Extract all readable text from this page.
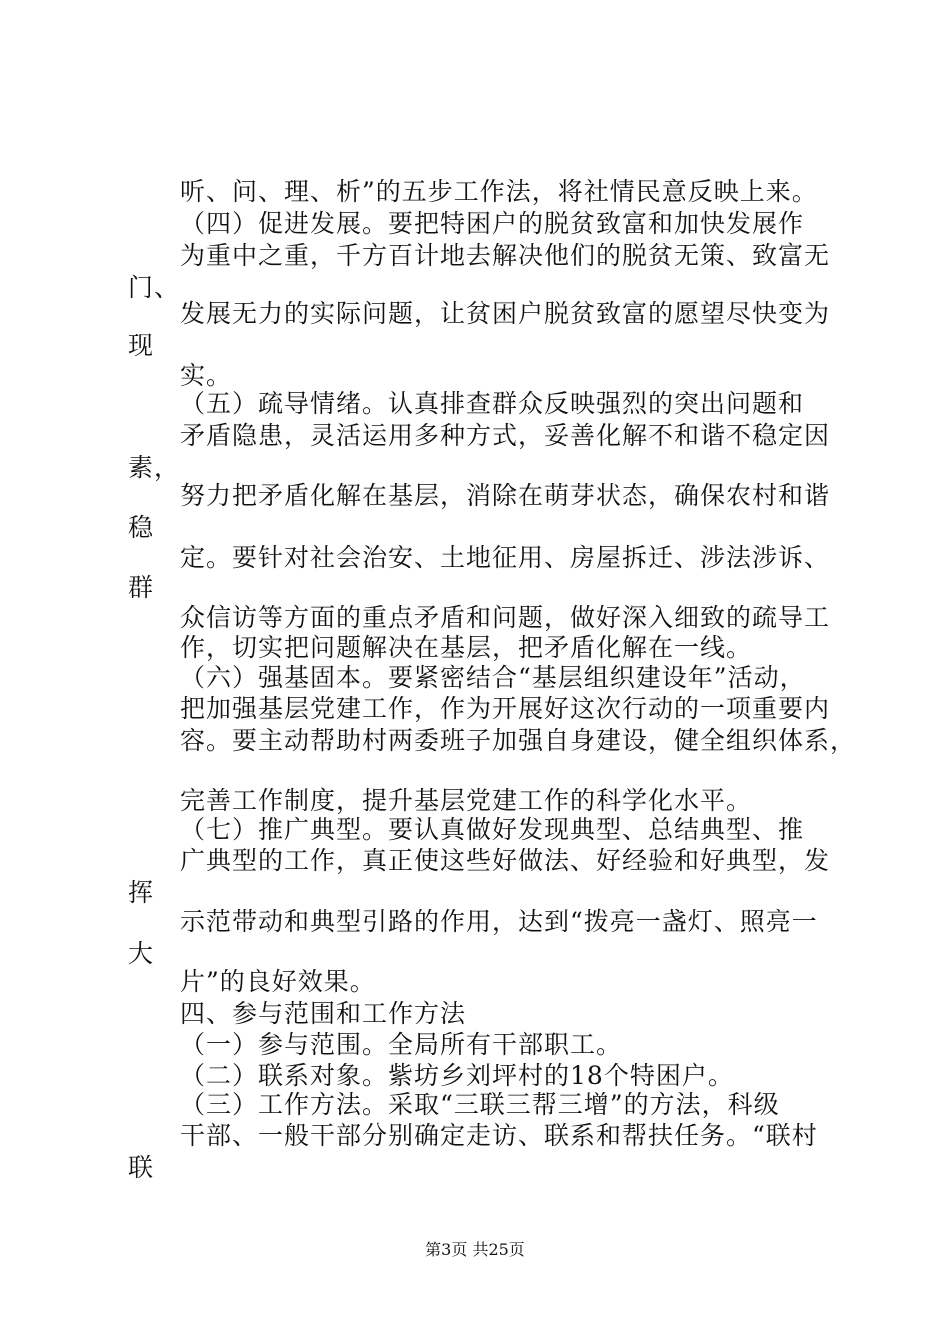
听、问、理、析”的五步工作法，将社情民意反映上来。
（四）促进发展。要把特困户的脱贫致富和加快发展作
为重中之重，千方百计地去解决他们的脱贫无策、致富无
门、
发展无力的实际问题，让贫困户脱贫致富的愿望尽快变为
现
实。
（五）疏导情绪。认真排查群众反映强烈的突出问题和
矛盾隐患，灵活运用多种方式，妥善化解不和谐不稳定因
素，
努力把矛盾化解在基层，消除在萌芽状态，确保农村和谐
稳
定。要针对社会治安、土地征用、房屋拆迁、涉法涉诉、
群
众信访等方面的重点矛盾和问题，做好深入细致的疏导工
作，切实把问题解决在基层，把矛盾化解在一线。
（六）强基固本。要紧密结合“基层组织建设年”活动，
把加强基层党建工作，作为开展好这次行动的一项重要内
容。要主动帮助村两委班子加强自身建设，健全组织体系，
完善工作制度，提升基层党建工作的科学化水平。
（七）推广典型。要认真做好发现典型、总结典型、推
广典型的工作，真正使这些好做法、好经验和好典型，发
挥
示范带动和典型引路的作用，达到“拨亮一盏灯、照亮一
大
片”的良好效果。
四、参与范围和工作方法
（一）参与范围。全局所有干部职工。
（二）联系对象。紫坊乡刘坪村的18个特困户。
（三）工作方法。采取“三联三帮三增”的方法，科级
干部、一般干部分别确定走访、联系和帮扶任务。“联村
联
第3页 共25页
